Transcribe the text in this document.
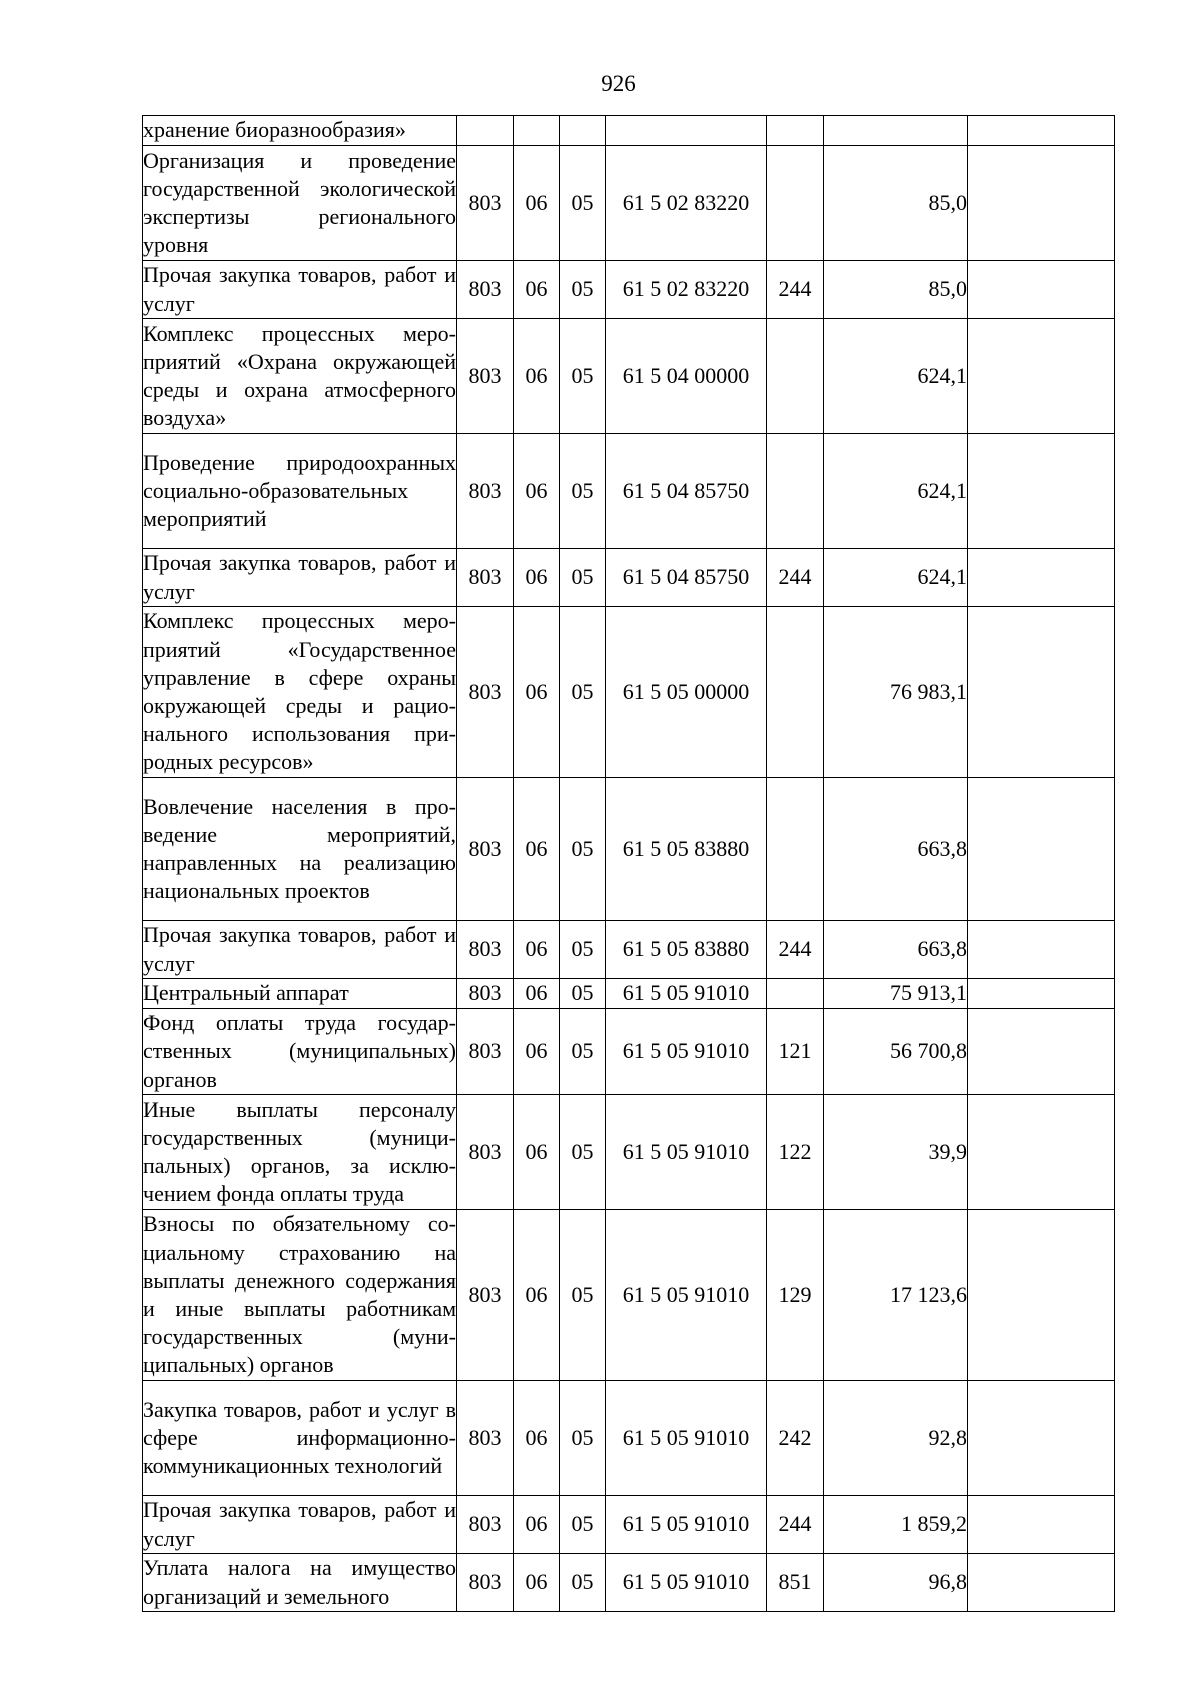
926
хранение биоразнообразия»							
Организация и проведение государственной экологической экспертизы регионального уровня	803	06	05	61 5 02 83220		85,0	
Прочая закупка товаров, работ и услуг	803	06	05	61 5 02 83220	244	85,0	
Комплекс процессных мероприятий «Охрана окружающей среды и охрана атмосферного воздуха»	803	06	05	61 5 04 00000		624,1	
Проведение природоохранных социально-образовательных мероприятий	803	06	05	61 5 04 85750		624,1	
Прочая закупка товаров, работ и услуг	803	06	05	61 5 04 85750	244	624,1	
Комплекс процессных мероприятий «Государственное управление в сфере охраны окружающей среды и рационального использования природных ресурсов»	803	06	05	61 5 05 00000		76 983,1	
Вовлечение населения в проведение мероприятий, направленных на реализацию национальных проектов	803	06	05	61 5 05 83880		663,8	
Прочая закупка товаров, работ и услуг	803	06	05	61 5 05 83880	244	663,8	
Центральный аппарат	803	06	05	61 5 05 91010		75 913,1	
Фонд оплаты труда государственных (муниципальных) органов	803	06	05	61 5 05 91010	121	56 700,8	
Иные выплаты персоналу государственных (муниципальных) органов, за исключением фонда оплаты труда	803	06	05	61 5 05 91010	122	39,9	
Взносы по обязательному социальному страхованию на выплаты денежного содержания и иные выплаты работникам государственных (муниципальных) органов	803	06	05	61 5 05 91010	129	17 123,6	
Закупка товаров, работ и услуг в сфере информационно-коммуникационных технологий	803	06	05	61 5 05 91010	242	92,8	
Прочая закупка товаров, работ и услуг	803	06	05	61 5 05 91010	244	1 859,2	
Уплата налога на имущество организаций и земельного	803	06	05	61 5 05 91010	851	96,8	
